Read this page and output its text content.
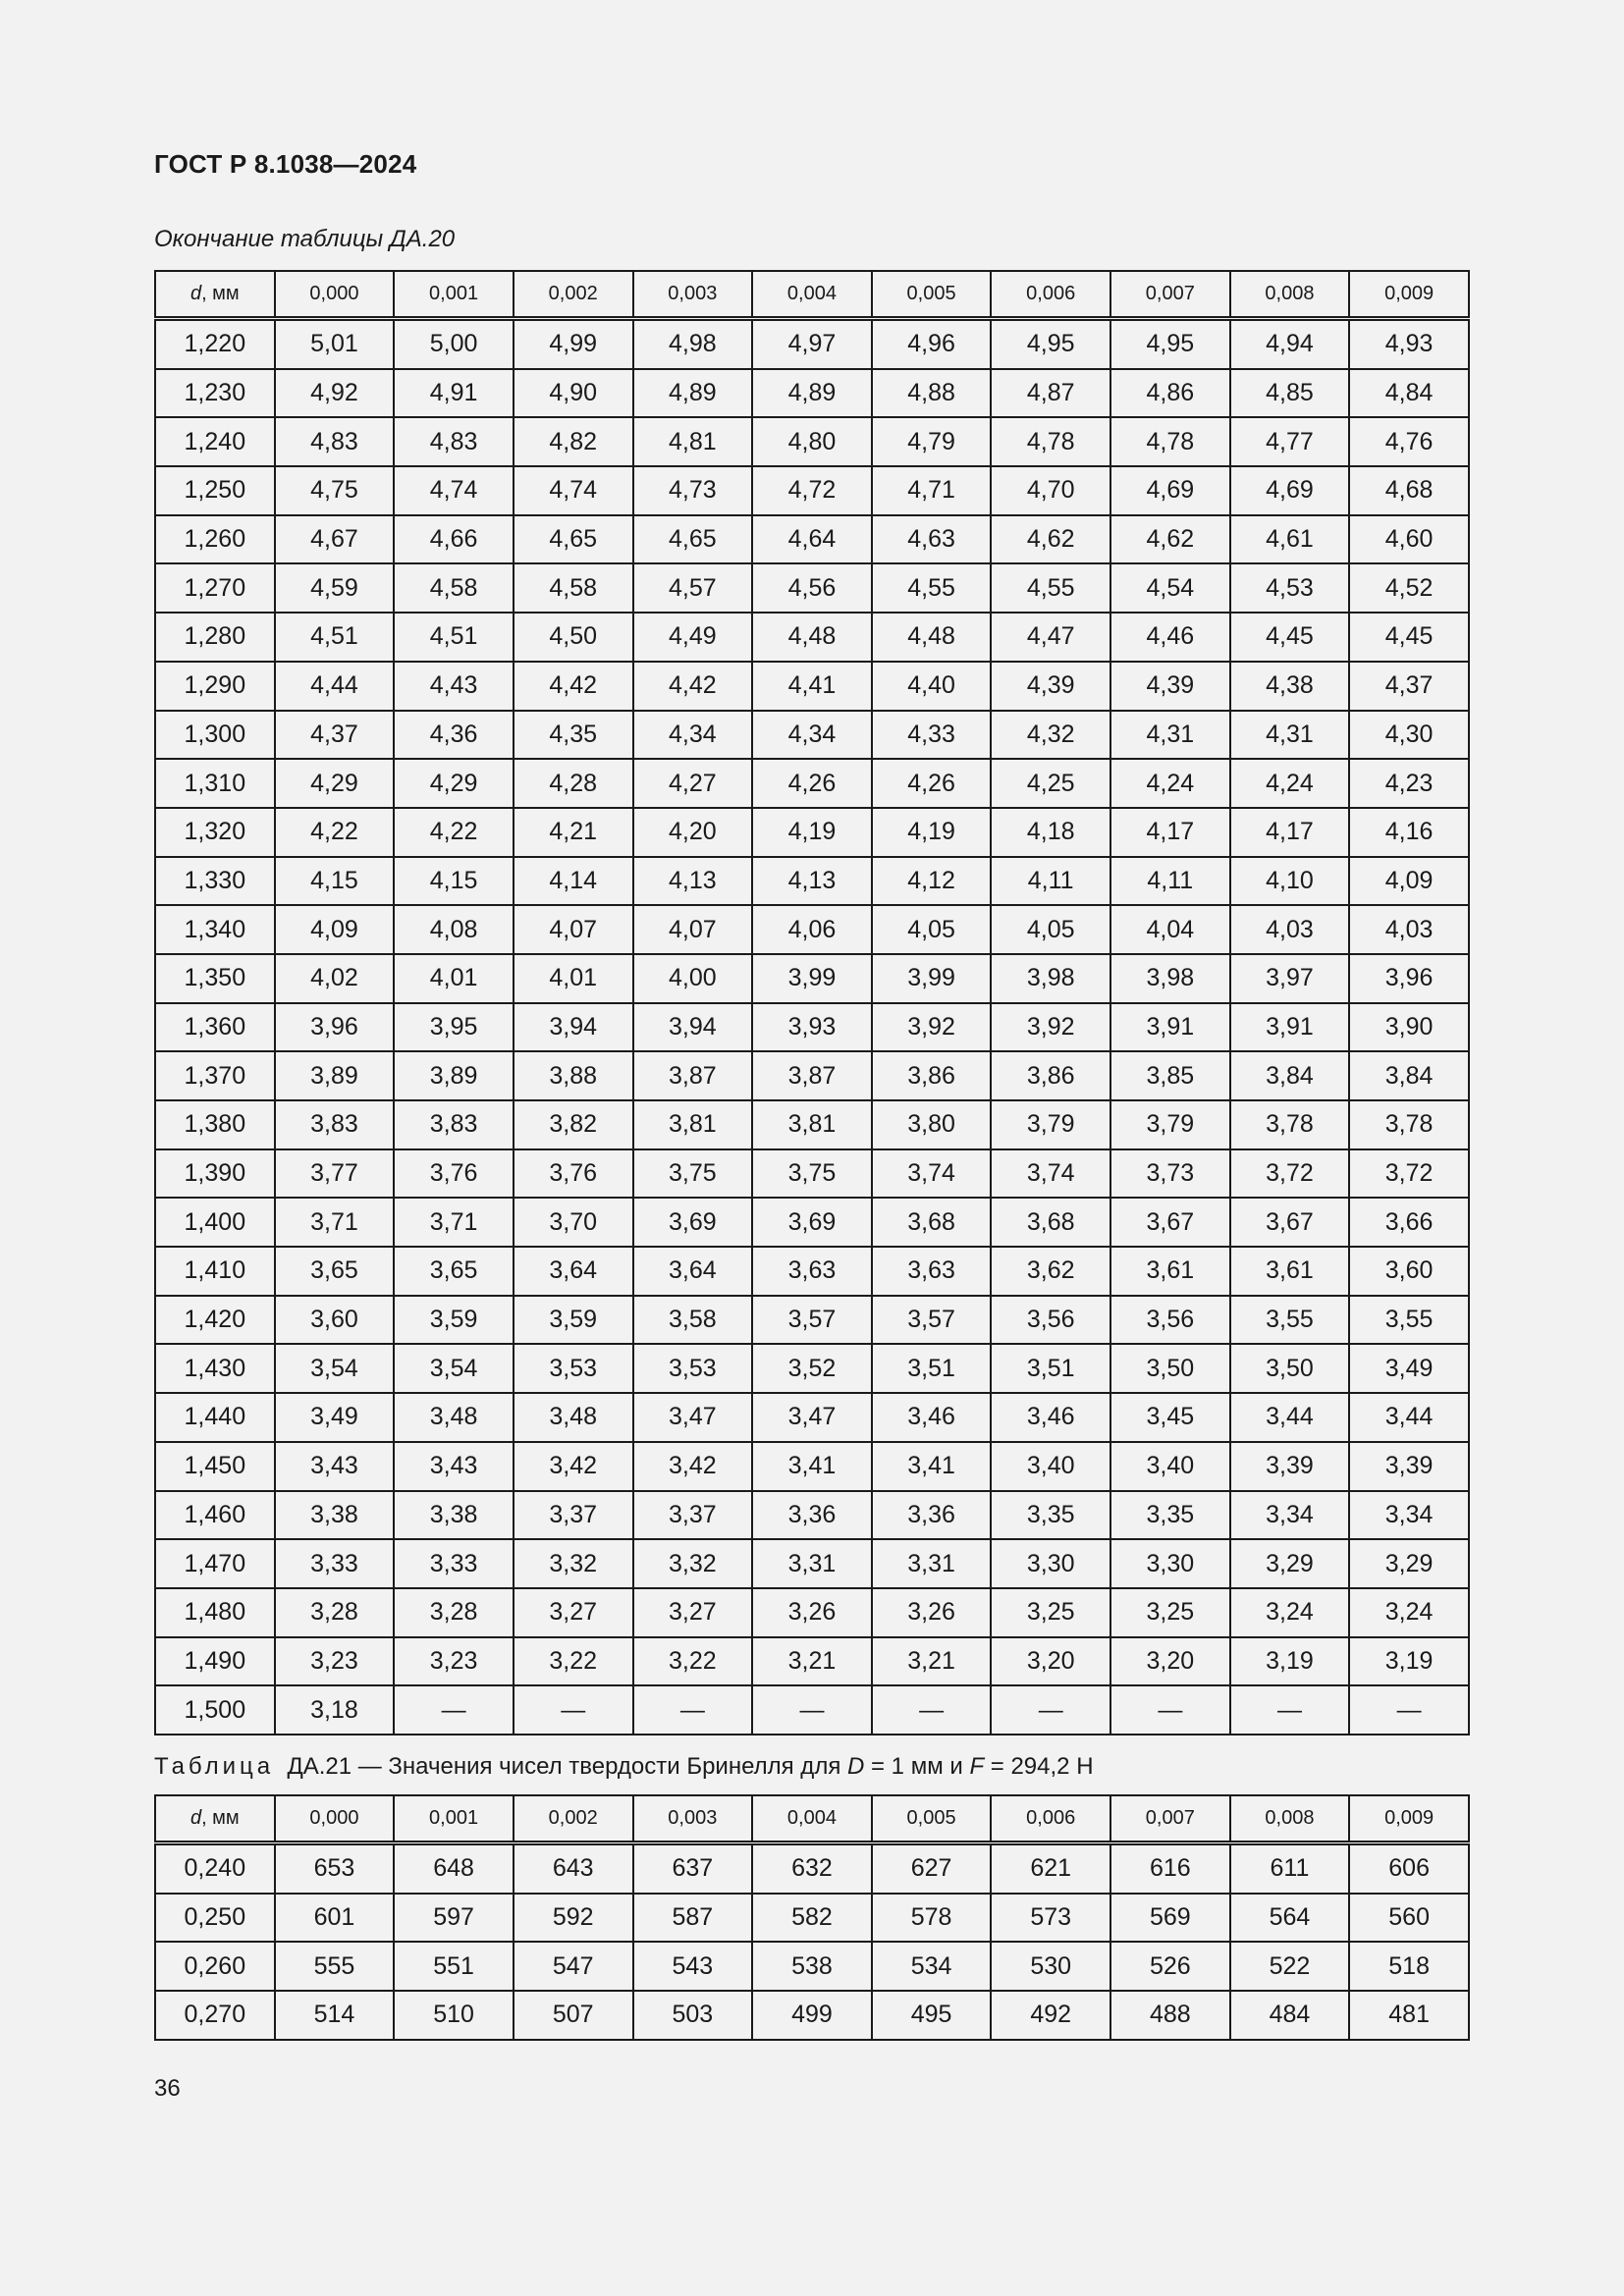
ГОСТ Р 8.1038—2024
Окончание таблицы ДА.20
d, мм	0,000	0,001	0,002	0,003	0,004	0,005	0,006	0,007	0,008	0,009
1,220	5,01	5,00	4,99	4,98	4,97	4,96	4,95	4,95	4,94	4,93
1,230	4,92	4,91	4,90	4,89	4,89	4,88	4,87	4,86	4,85	4,84
1,240	4,83	4,83	4,82	4,81	4,80	4,79	4,78	4,78	4,77	4,76
1,250	4,75	4,74	4,74	4,73	4,72	4,71	4,70	4,69	4,69	4,68
1,260	4,67	4,66	4,65	4,65	4,64	4,63	4,62	4,62	4,61	4,60
1,270	4,59	4,58	4,58	4,57	4,56	4,55	4,55	4,54	4,53	4,52
1,280	4,51	4,51	4,50	4,49	4,48	4,48	4,47	4,46	4,45	4,45
1,290	4,44	4,43	4,42	4,42	4,41	4,40	4,39	4,39	4,38	4,37
1,300	4,37	4,36	4,35	4,34	4,34	4,33	4,32	4,31	4,31	4,30
1,310	4,29	4,29	4,28	4,27	4,26	4,26	4,25	4,24	4,24	4,23
1,320	4,22	4,22	4,21	4,20	4,19	4,19	4,18	4,17	4,17	4,16
1,330	4,15	4,15	4,14	4,13	4,13	4,12	4,11	4,11	4,10	4,09
1,340	4,09	4,08	4,07	4,07	4,06	4,05	4,05	4,04	4,03	4,03
1,350	4,02	4,01	4,01	4,00	3,99	3,99	3,98	3,98	3,97	3,96
1,360	3,96	3,95	3,94	3,94	3,93	3,92	3,92	3,91	3,91	3,90
1,370	3,89	3,89	3,88	3,87	3,87	3,86	3,86	3,85	3,84	3,84
1,380	3,83	3,83	3,82	3,81	3,81	3,80	3,79	3,79	3,78	3,78
1,390	3,77	3,76	3,76	3,75	3,75	3,74	3,74	3,73	3,72	3,72
1,400	3,71	3,71	3,70	3,69	3,69	3,68	3,68	3,67	3,67	3,66
1,410	3,65	3,65	3,64	3,64	3,63	3,63	3,62	3,61	3,61	3,60
1,420	3,60	3,59	3,59	3,58	3,57	3,57	3,56	3,56	3,55	3,55
1,430	3,54	3,54	3,53	3,53	3,52	3,51	3,51	3,50	3,50	3,49
1,440	3,49	3,48	3,48	3,47	3,47	3,46	3,46	3,45	3,44	3,44
1,450	3,43	3,43	3,42	3,42	3,41	3,41	3,40	3,40	3,39	3,39
1,460	3,38	3,38	3,37	3,37	3,36	3,36	3,35	3,35	3,34	3,34
1,470	3,33	3,33	3,32	3,32	3,31	3,31	3,30	3,30	3,29	3,29
1,480	3,28	3,28	3,27	3,27	3,26	3,26	3,25	3,25	3,24	3,24
1,490	3,23	3,23	3,22	3,22	3,21	3,21	3,20	3,20	3,19	3,19
1,500	3,18	—	—	—	—	—	—	—	—	—
Таблица ДА.21 — Значения чисел твердости Бринелля для D = 1 мм и F = 294,2 Н
d, мм	0,000	0,001	0,002	0,003	0,004	0,005	0,006	0,007	0,008	0,009
0,240	653	648	643	637	632	627	621	616	611	606
0,250	601	597	592	587	582	578	573	569	564	560
0,260	555	551	547	543	538	534	530	526	522	518
0,270	514	510	507	503	499	495	492	488	484	481
36
